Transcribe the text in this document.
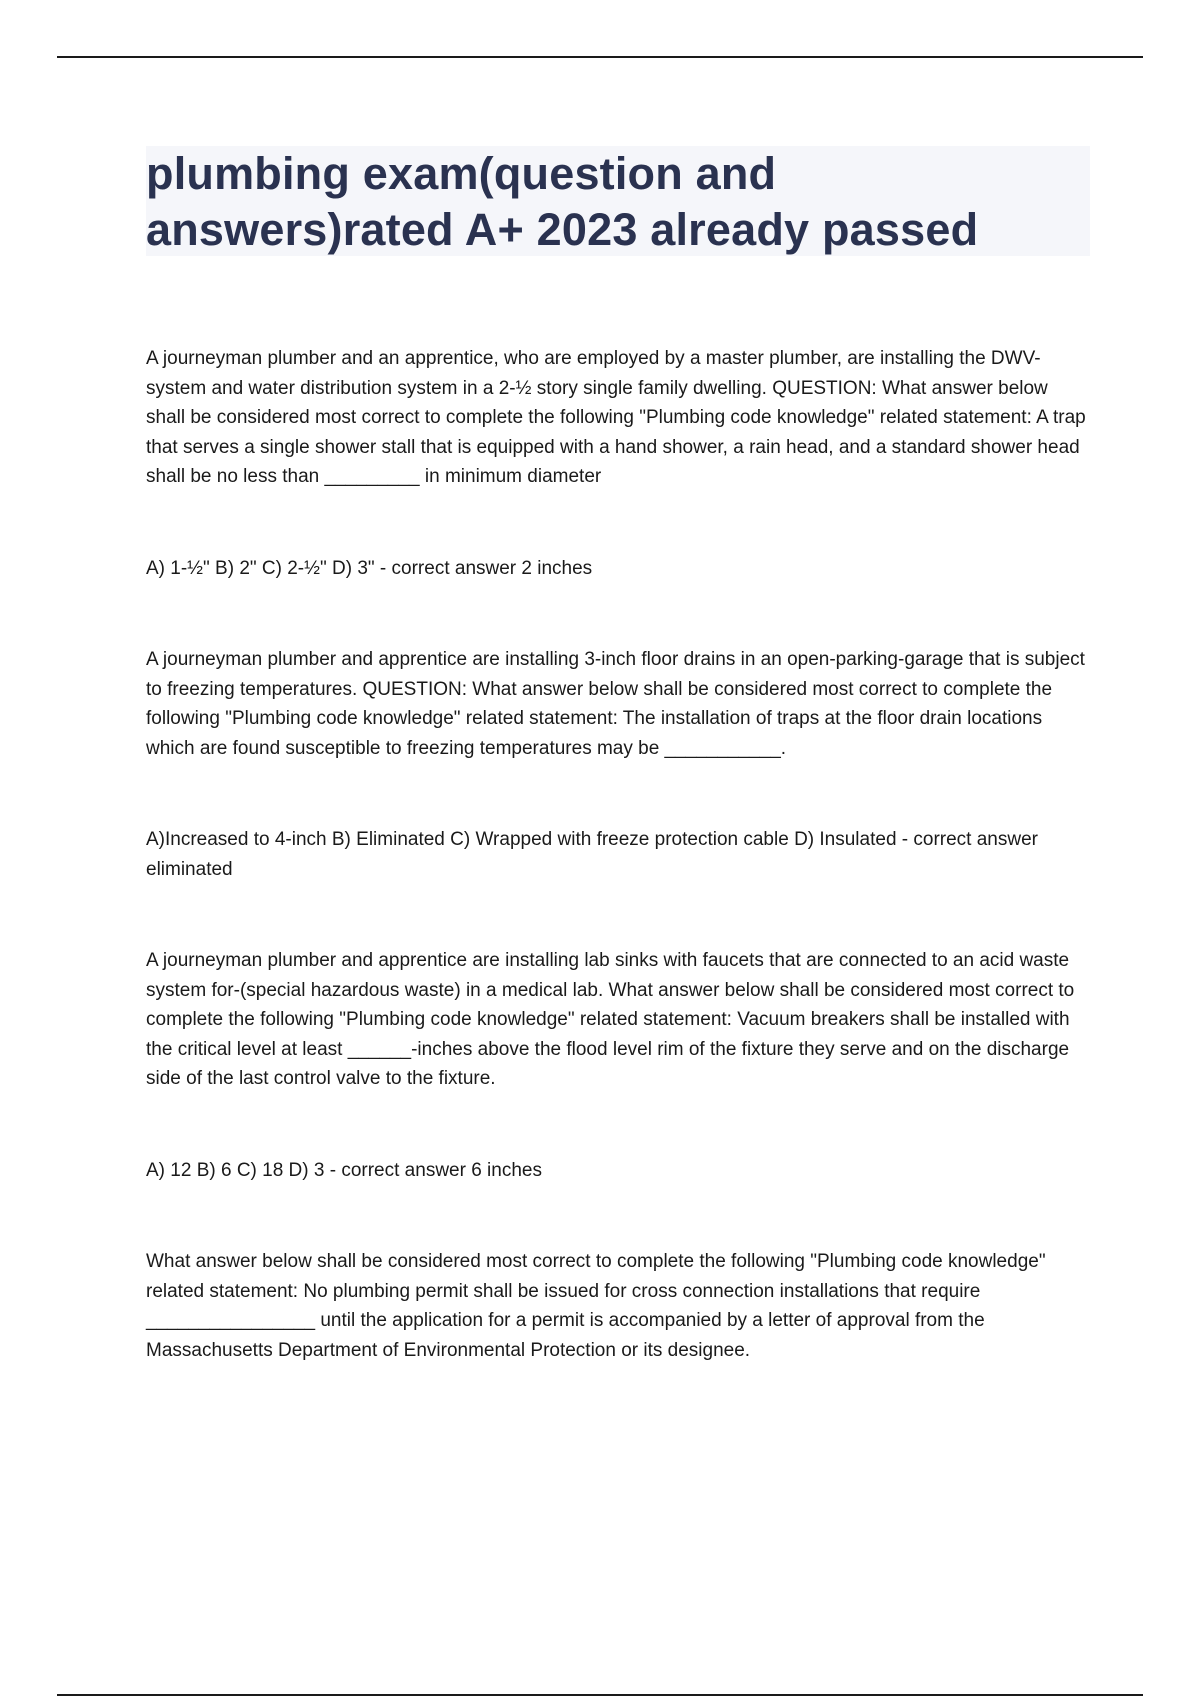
plumbing exam(question and answers)rated A+ 2023 already passed

A journeyman plumber and an apprentice, who are employed by a master plumber, are installing the DWV-system and water distribution system in a 2-½ story single family dwelling. QUESTION: What answer below shall be considered most correct to complete the following "Plumbing code knowledge" related statement: A trap that serves a single shower stall that is equipped with a hand shower, a rain head, and a standard shower head shall be no less than _________ in minimum diameter

A) 1-½" B) 2" C) 2-½" D) 3" - correct answer 2 inches

A journeyman plumber and apprentice are installing 3-inch floor drains in an open-parking-garage that is subject to freezing temperatures. QUESTION: What answer below shall be considered most correct to complete the following "Plumbing code knowledge" related statement: The installation of traps at the floor drain locations which are found susceptible to freezing temperatures may be ___________.

A)Increased to 4-inch B) Eliminated C) Wrapped with freeze protection cable D) Insulated - correct answer eliminated

A journeyman plumber and apprentice are installing lab sinks with faucets that are connected to an acid waste system for-(special hazardous waste) in a medical lab. What answer below shall be considered most correct to complete the following "Plumbing code knowledge" related statement: Vacuum breakers shall be installed with the critical level at least ______-inches above the flood level rim of the fixture they serve and on the discharge side of the last control valve to the fixture.

A) 12 B) 6 C) 18 D) 3 - correct answer 6 inches

What answer below shall be considered most correct to complete the following "Plumbing code knowledge" related statement: No plumbing permit shall be issued for cross connection installations that require ________________ until the application for a permit is accompanied by a letter of approval from the Massachusetts Department of Environmental Protection or its designee.
